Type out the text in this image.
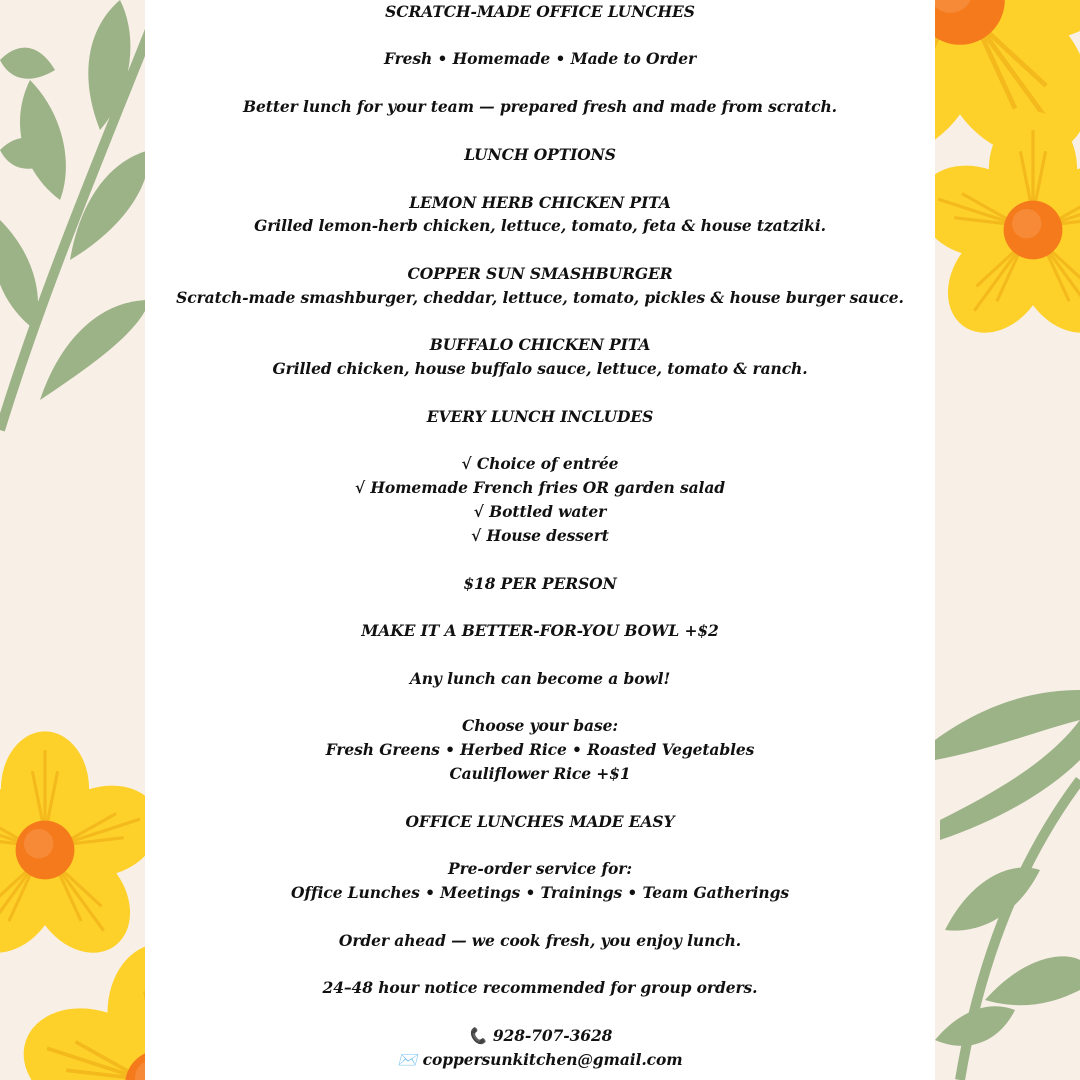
SCRATCH-MADE OFFICE LUNCHES
Fresh • Homemade • Made to Order
Better lunch for your team — prepared fresh and made from scratch.
LUNCH OPTIONS
LEMON HERB CHICKEN PITA
Grilled lemon-herb chicken, lettuce, tomato, feta & house tzatziki.
COPPER SUN SMASHBURGER
Scratch-made smashburger, cheddar, lettuce, tomato, pickles & house burger sauce.
BUFFALO CHICKEN PITA
Grilled chicken, house buffalo sauce, lettuce, tomato & ranch.
EVERY LUNCH INCLUDES
√ Choice of entrée
√ Homemade French fries OR garden salad
√ Bottled water
√ House dessert
$18 PER PERSON
MAKE IT A BETTER-FOR-YOU BOWL +$2
Any lunch can become a bowl!
Choose your base:
Fresh Greens • Herbed Rice • Roasted Vegetables
Cauliflower Rice +$1
OFFICE LUNCHES MADE EASY
Pre-order service for:
Office Lunches • Meetings • Trainings • Team Gatherings
Order ahead — we cook fresh, you enjoy lunch.
24–48 hour notice recommended for group orders.
📞 928-707-3628
✉️ coppersunkitchen@gmail.com
